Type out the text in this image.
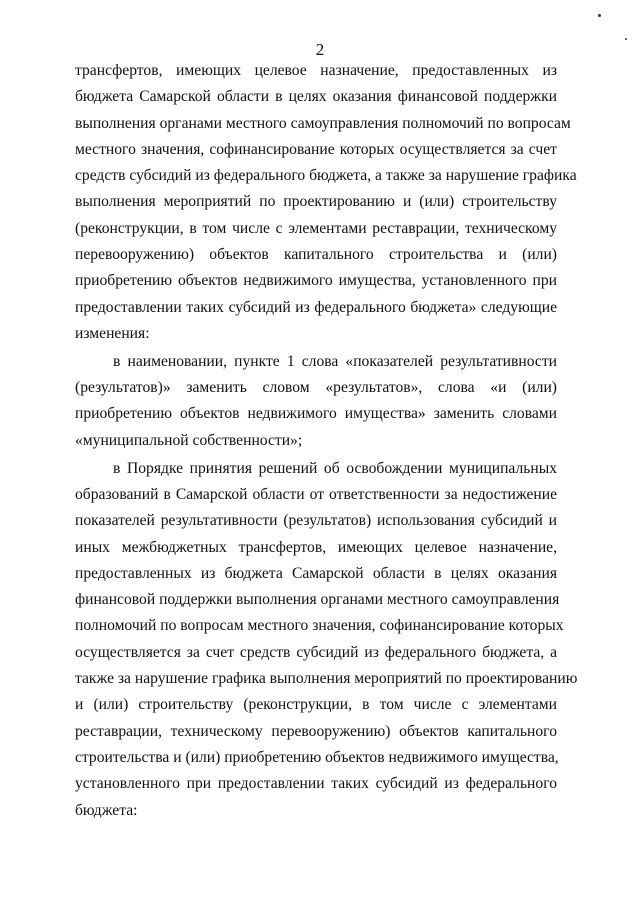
2
трансфертов, имеющих целевое назначение, предоставленных из
бюджета Самарской области в целях оказания финансовой поддержки
выполнения органами местного самоуправления полномочий по вопросам
местного значения, софинансирование которых осуществляется за счет
средств субсидий из федерального бюджета, а также за нарушение графика
выполнения мероприятий по проектированию и (или) строительству
(реконструкции, в том числе с элементами реставрации, техническому
перевооружению) объектов капитального строительства и (или)
приобретению объектов недвижимого имущества, установленного при
предоставлении таких субсидий из федерального бюджета» следующие
изменения:
в наименовании, пункте 1 слова «показателей результативности
(результатов)» заменить словом «результатов», слова «и (или)
приобретению объектов недвижимого имущества» заменить словами
«муниципальной собственности»;
в Порядке принятия решений об освобождении муниципальных
образований в Самарской области от ответственности за недостижение
показателей результативности (результатов) использования субсидий и
иных межбюджетных трансфертов, имеющих целевое назначение,
предоставленных из бюджета Самарской области в целях оказания
финансовой поддержки выполнения органами местного самоуправления
полномочий по вопросам местного значения, софинансирование которых
осуществляется за счет средств субсидий из федерального бюджета, а
также за нарушение графика выполнения мероприятий по проектированию
и (или) строительству (реконструкции, в том числе с элементами
реставрации, техническому перевооружению) объектов капитального
строительства и (или) приобретению объектов недвижимого имущества,
установленного при предоставлении таких субсидий из федерального
бюджета:
